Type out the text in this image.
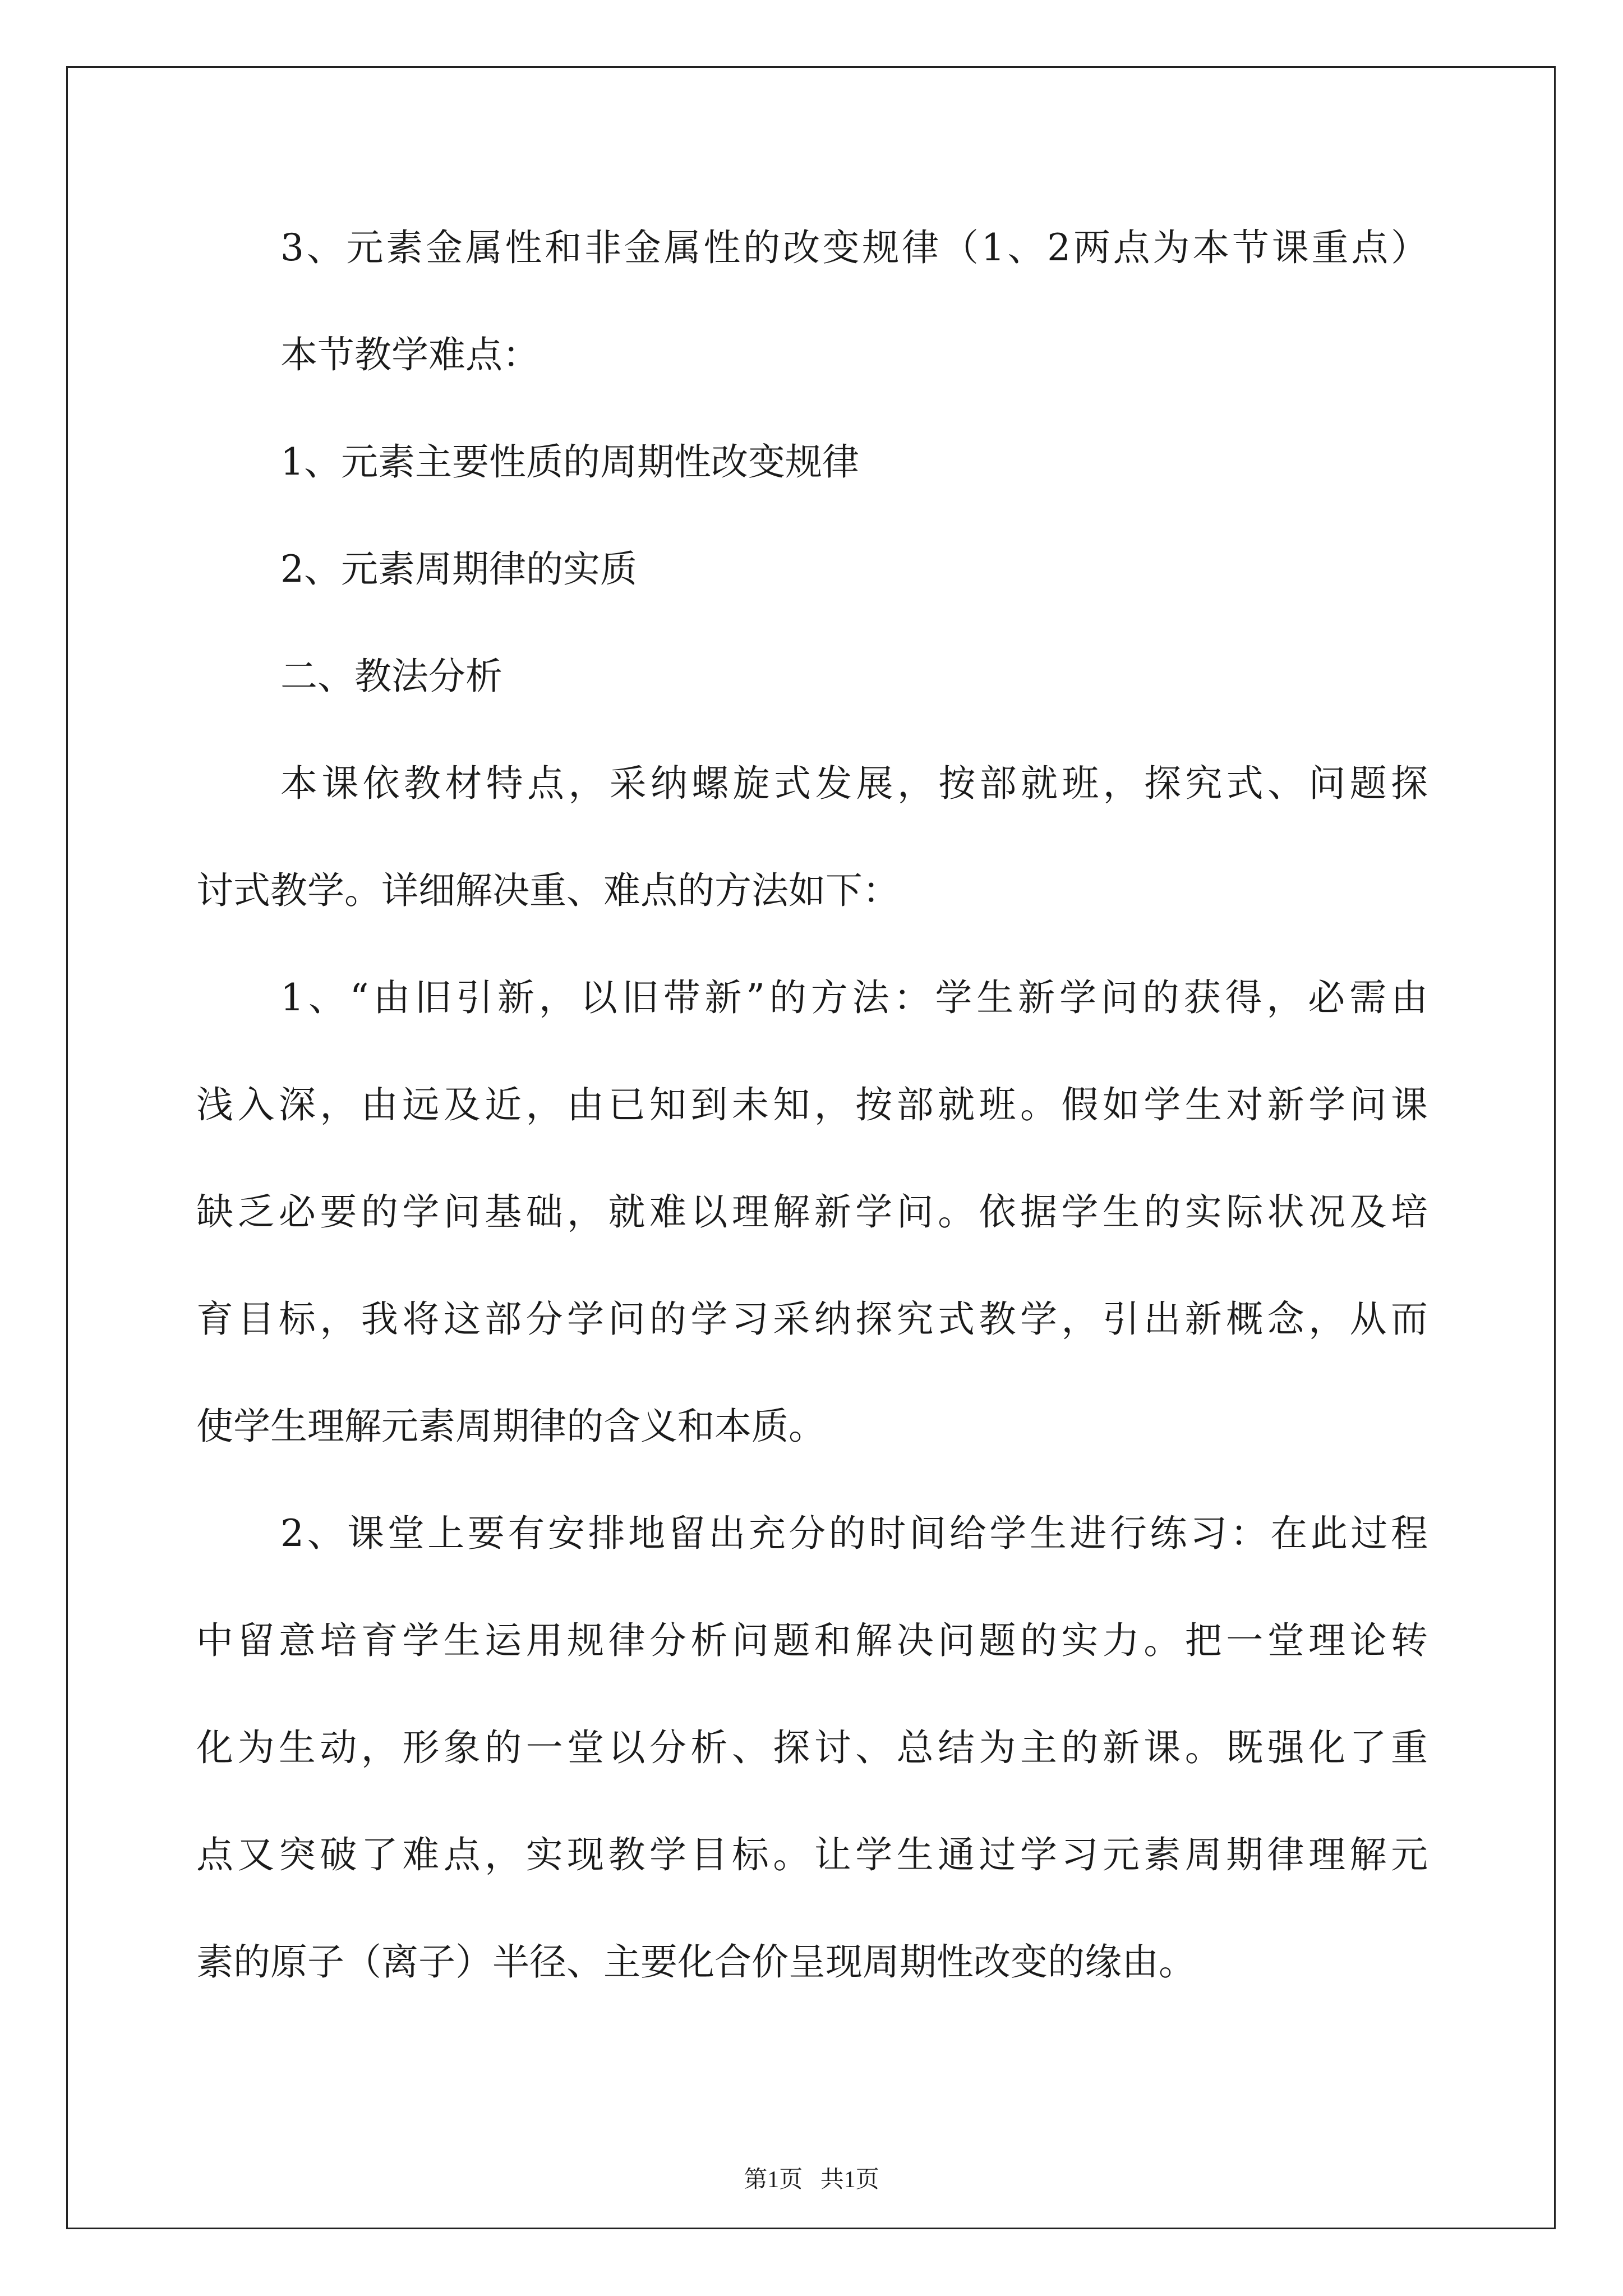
3、元素金属性和非金属性的改变规律（1、2两点为本节课重点）

本节教学难点：

1、元素主要性质的周期性改变规律

2、元素周期律的实质

二、教法分析

本课依教材特点，采纳螺旋式发展，按部就班，探究式、问题探

讨式教学。详细解决重、难点的方法如下：

1、“由旧引新，以旧带新”的方法：学生新学问的获得，必需由

浅入深，由远及近，由已知到未知，按部就班。假如学生对新学问课

缺乏必要的学问基础，就难以理解新学问。依据学生的实际状况及培

育目标，我将这部分学问的学习采纳探究式教学，引出新概念，从而

使学生理解元素周期律的含义和本质。

2、课堂上要有安排地留出充分的时间给学生进行练习：在此过程

中留意培育学生运用规律分析问题和解决问题的实力。把一堂理论转

化为生动，形象的一堂以分析、探讨、总结为主的新课。既强化了重

点又突破了难点，实现教学目标。让学生通过学习元素周期律理解元

素的原子（离子）半径、主要化合价呈现周期性改变的缘由。

第1页   共1页
